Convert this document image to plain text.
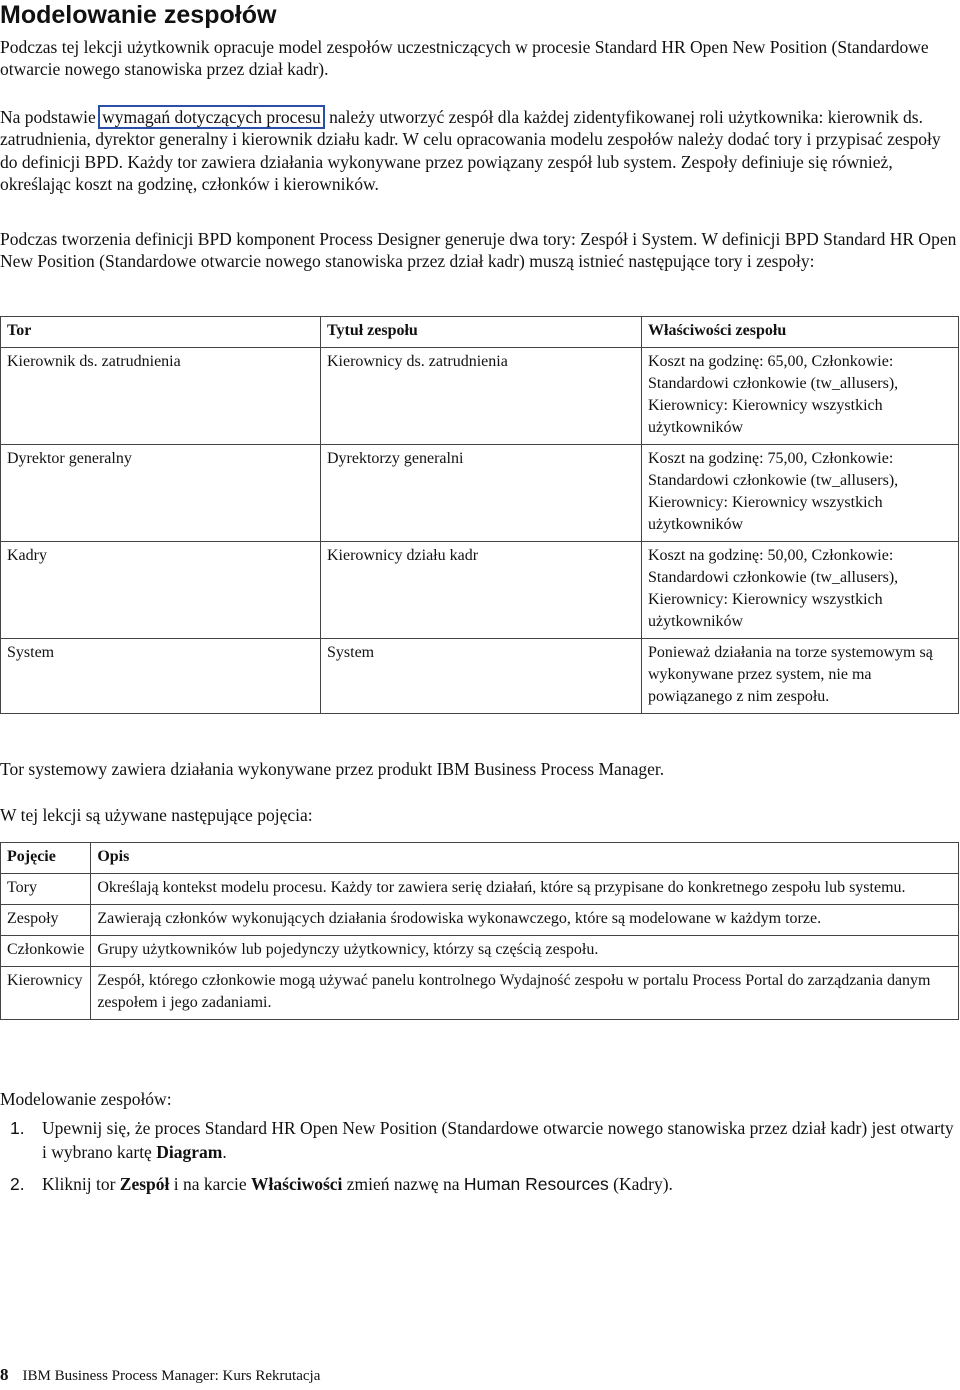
Modelowanie zespołów

Podczas tej lekcji użytkownik opracuje model zespołów uczestniczących w procesie Standard HR Open New Position (Standardowe otwarcie nowego stanowiska przez dział kadr).

Na podstawie wymagań dotyczących procesu należy utworzyć zespół dla każdej zidentyfikowanej roli użytkownika: kierownik ds. zatrudnienia, dyrektor generalny i kierownik działu kadr. W celu opracowania modelu zespołów należy dodać tory i przypisać zespoły do definicji BPD. Każdy tor zawiera działania wykonywane przez powiązany zespół lub system. Zespoły definiuje się również, określając koszt na godzinę, członków i kierowników.

Podczas tworzenia definicji BPD komponent Process Designer generuje dwa tory: Zespół i System. W definicji BPD Standard HR Open New Position (Standardowe otwarcie nowego stanowiska przez dział kadr) muszą istnieć następujące tory i zespoły:

Tor	Tytuł zespołu	Właściwości zespołu
Kierownik ds. zatrudnienia	Kierownicy ds. zatrudnienia	Koszt na godzinę: 65,00, Członkowie: Standardowi członkowie (tw_allusers), Kierownicy: Kierownicy wszystkich użytkowników
Dyrektor generalny	Dyrektorzy generalni	Koszt na godzinę: 75,00, Członkowie: Standardowi członkowie (tw_allusers), Kierownicy: Kierownicy wszystkich użytkowników
Kadry	Kierownicy działu kadr	Koszt na godzinę: 50,00, Członkowie: Standardowi członkowie (tw_allusers), Kierownicy: Kierownicy wszystkich użytkowników
System	System	Ponieważ działania na torze systemowym są wykonywane przez system, nie ma powiązanego z nim zespołu.

Tor systemowy zawiera działania wykonywane przez produkt IBM Business Process Manager.

W tej lekcji są używane następujące pojęcia:

Pojęcie	Opis
Tory	Określają kontekst modelu procesu. Każdy tor zawiera serię działań, które są przypisane do konkretnego zespołu lub systemu.
Zespoły	Zawierają członków wykonujących działania środowiska wykonawczego, które są modelowane w każdym torze.
Członkowie	Grupy użytkowników lub pojedynczy użytkownicy, którzy są częścią zespołu.
Kierownicy	Zespół, którego członkowie mogą używać panelu kontrolnego Wydajność zespołu w portalu Process Portal do zarządzania danym zespołem i jego zadaniami.

Modelowanie zespołów:

1. Upewnij się, że proces Standard HR Open New Position (Standardowe otwarcie nowego stanowiska przez dział kadr) jest otwarty i wybrano kartę Diagram.
2. Kliknij tor Zespół i na karcie Właściwości zmień nazwę na Human Resources (Kadry).
8 IBM Business Process Manager: Kurs Rekrutacja
